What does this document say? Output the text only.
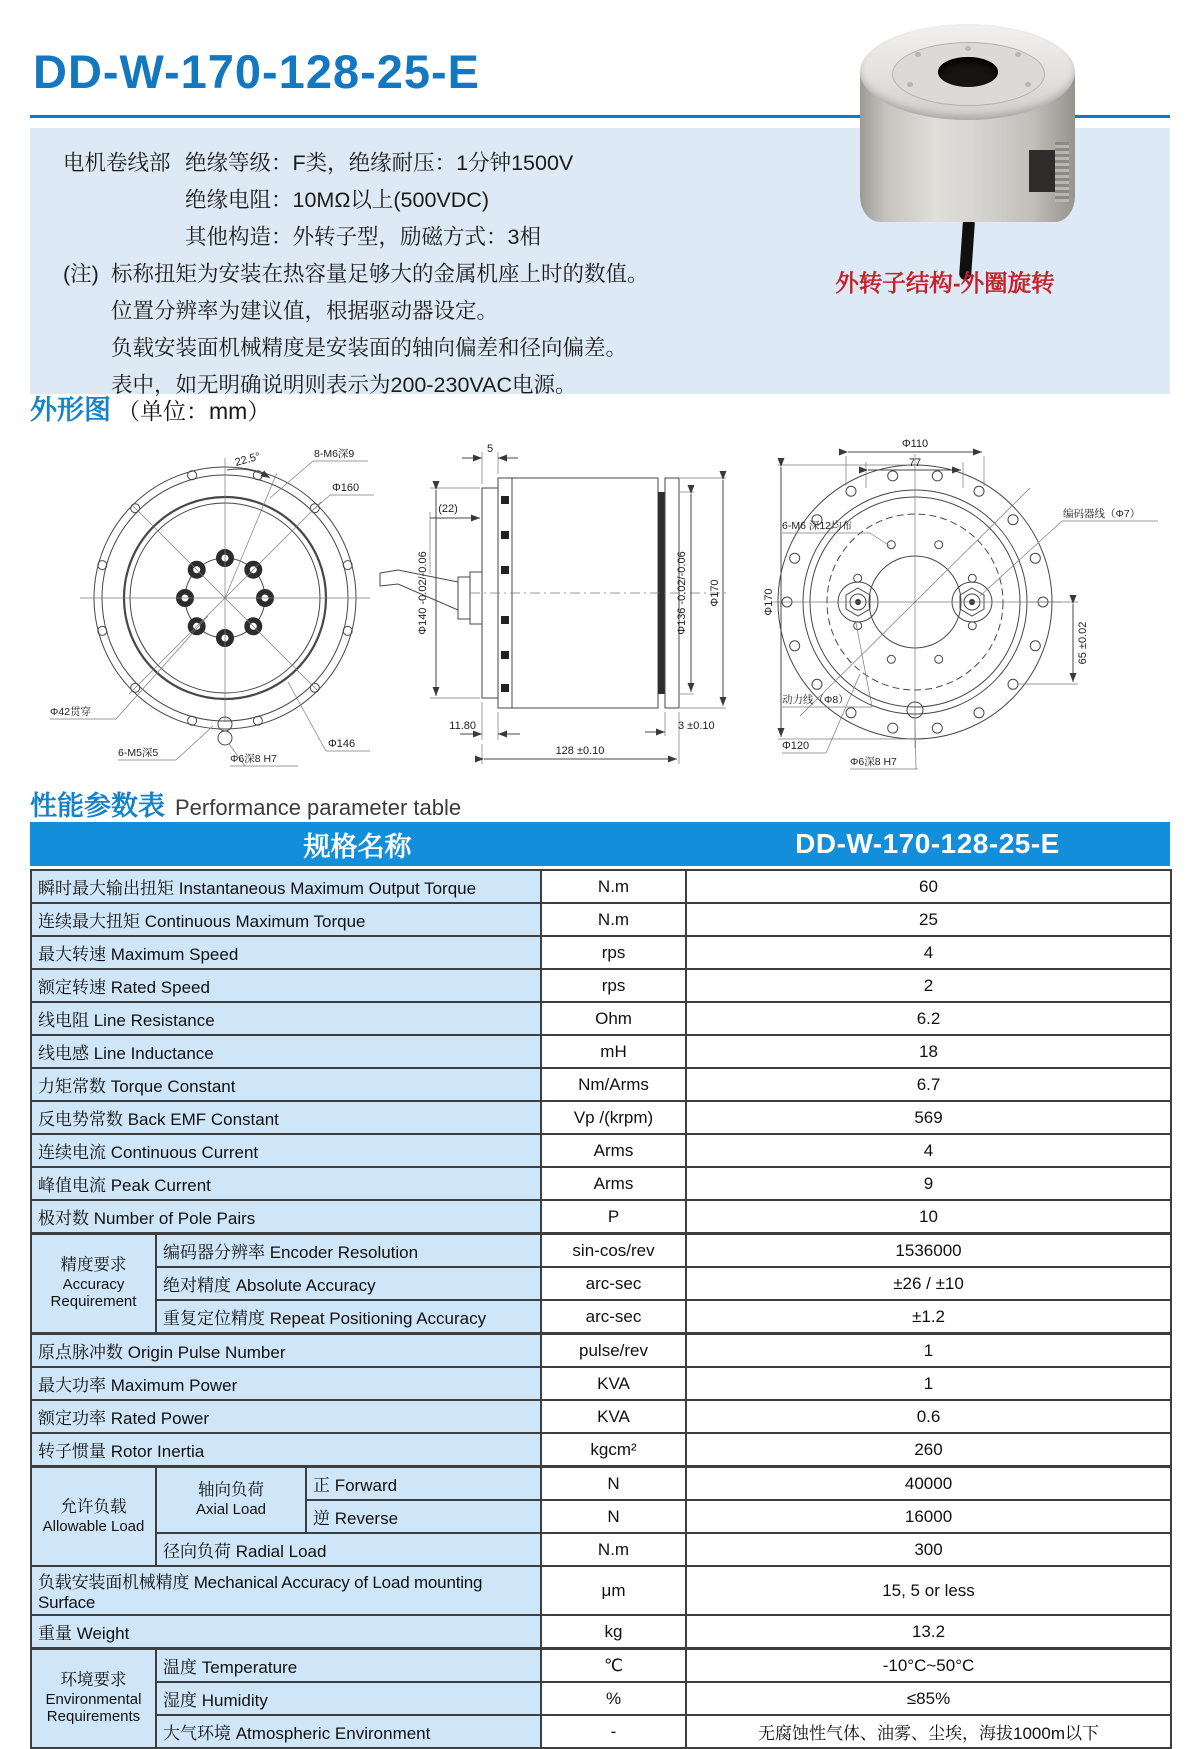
DD-W-170-128-25-E
电机卷线部 绝缘等级：F类，绝缘耐压：1分钟1500V
绝缘电阻：10MΩ以上(500VDC)
其他构造：外转子型，励磁方式：3相
(注) 标称扭矩为安装在热容量足够大的金属机座上时的数值。
位置分辨率为建议值，根据驱动器设定。
负载安装面机械精度是安装面的轴向偏差和径向偏差。
表中，如无明确说明则表示为200-230VAC电源。
外转子结构-外圈旋转
外形图 （单位：mm）
22.5°	8-M6深9
Φ160
Φ42贯穿
6-M5深5	Φ6深8 H7
Φ146
5
(22)
Φ140 -0.02/-0.06	Φ136 -0.02/-0.06 Φ170
11.80
128 ±0.10
3 ±0.10
Φ110
77
Φ170
6-M6 深12均布
编码器线（Φ7）
65 ±0.02
动力线（Φ8）
Φ120
Φ6深8 H7
性能参数表 Performance parameter table
规格名称	DD-W-170-128-25-E
瞬时最大输出扭矩 Instantaneous Maximum Output Torque			N.m	60
连续最大扭矩 Continuous Maximum Torque			N.m	25
最大转速 Maximum Speed			rps	4
额定转速 Rated Speed			rps	2
线电阻 Line Resistance			Ohm	6.2
线电感 Line Inductance			mH	18
力矩常数 Torque Constant			Nm/Arms	6.7
反电势常数 Back EMF Constant			Vp /(krpm)	569
连续电流 Continuous Current			Arms	4
峰值电流 Peak Current			Arms	9
极对数 Number of Pole Pairs			P	10

精度要求
Accuracy Requirement	编码器分辨率 Encoder Resolution		sin-cos/rev	1536000
	绝对精度 Absolute Accuracy		arc-sec	±26 / ±10
	重复定位精度 Repeat Positioning Accuracy		arc-sec	±1.2
原点脉冲数 Origin Pulse Number			pulse/rev	1
最大功率 Maximum Power			KVA	1
额定功率 Rated Power			KVA	0.6
转子惯量 Rotor Inertia			kgcm²	260

允许负载
Allowable Load	轴向负荷
Axial Load	正 Forward	N	40000
		逆 Reverse	N	16000
	径向负荷 Radial Load		N.m	300
负载安装面机械精度 Mechanical Accuracy of Load mounting Surface			μm	15, 5 or less
重量 Weight			kg	13.2

环境要求
Environmental Requirements	温度 Temperature		℃	-10°C~50°C
	湿度 Humidity		%	≤85%
	大气环境 Atmospheric Environment		-	无腐蚀性气体、油雾、尘埃，海拔1000m以下
